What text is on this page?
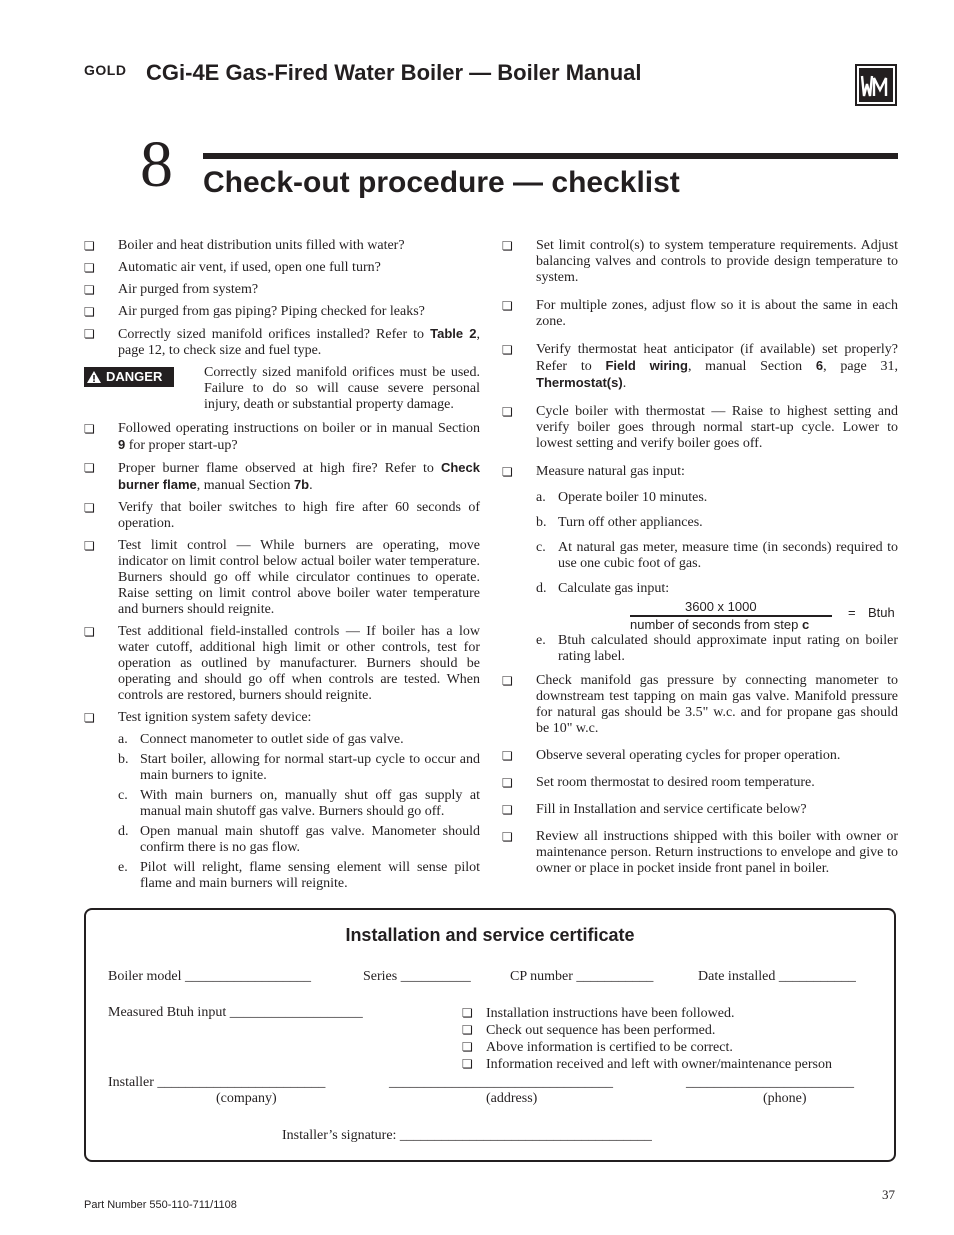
GOLD CGi-4E Gas-Fired Water Boiler — Boiler Manual
8 Check-out procedure — checklist
❏ Boiler and heat distribution units filled with water?
❏ Automatic air vent, if used, open one full turn?
❏ Air purged from system?
❏ Air purged from gas piping? Piping checked for leaks?
❏ Correctly sized manifold orifices installed? Refer to Table 2, page 12, to check size and fuel type.
DANGER	Correctly sized manifold orifices must be used. Failure to do so will cause severe personal injury, death or substantial property damage.
❏ Followed operating instructions on boiler or in manual Section 9 for proper start-up?
❏ Proper burner flame observed at high fire? Refer to Check burner flame, manual Section 7b.
❏ Verify that boiler switches to high fire after 60 seconds of operation.
❏ Test limit control — While burners are operating, move indicator on limit control below actual boiler water temperature. Burners should go off while circulator continues to operate. Raise setting on limit control above boiler water temperature and burners should reignite.
❏ Test additional field-installed controls — If boiler has a low water cutoff, additional high limit or other controls, test for operation as outlined by manufacturer. Burners should be operating and should go off when controls are tested. When controls are restored, burners should reignite.
❏ Test ignition system safety device:
a. Connect manometer to outlet side of gas valve.
b. Start boiler, allowing for normal start-up cycle to occur and main burners to ignite.
c. With main burners on, manually shut off gas supply at manual main shutoff gas valve. Burners should go off.
d. Open manual main shutoff gas valve. Manometer should confirm there is no gas flow.
e. Pilot will relight, flame sensing element will sense pilot flame and main burners will reignite.
❏ Set limit control(s) to system temperature requirements. Adjust balancing valves and controls to provide design temperature to system.
❏ For multiple zones, adjust flow so it is about the same in each zone.
❏ Verify thermostat heat anticipator (if available) set properly? Refer to Field wiring, manual Section 6, page 31, Thermostat(s).
❏ Cycle boiler with thermostat — Raise to highest setting and verify boiler goes through normal start-up cycle. Lower to lowest setting and verify boiler goes off.
❏ Measure natural gas input:
a. Operate boiler 10 minutes.
b. Turn off other appliances.
c. At natural gas meter, measure time (in seconds) required to use one cubic foot of gas.
d. Calculate gas input:
3600 x 1000
number of seconds from step c
= Btuh
e. Btuh calculated should approximate input rating on boiler rating label.
❏ Check manifold gas pressure by connecting manometer to downstream test tapping on main gas valve. Manifold pressure for natural gas should be 3.5" w.c. and for propane gas should be 10" w.c.
❏ Observe several operating cycles for proper operation.
❏ Set room thermostat to desired room temperature.
❏ Fill in Installation and service certificate below?
❏ Review all instructions shipped with this boiler with owner or maintenance person. Return instructions to envelope and give to owner or place in pocket inside front panel in boiler.
Installation and service certificate
Boiler model __________________	Series __________	CP number ___________	Date installed ___________
Measured Btuh input ___________________	❏ Installation instructions have been followed.
❏ Check out sequence has been performed.
❏ Above information is certified to be correct.
❏ Information received and left with owner/maintenance person
Installer ________________________	________________________________	________________________
(company)	(address)	(phone)
Installer’s signature: ____________________________________
Part Number 550-110-711/1108
37
